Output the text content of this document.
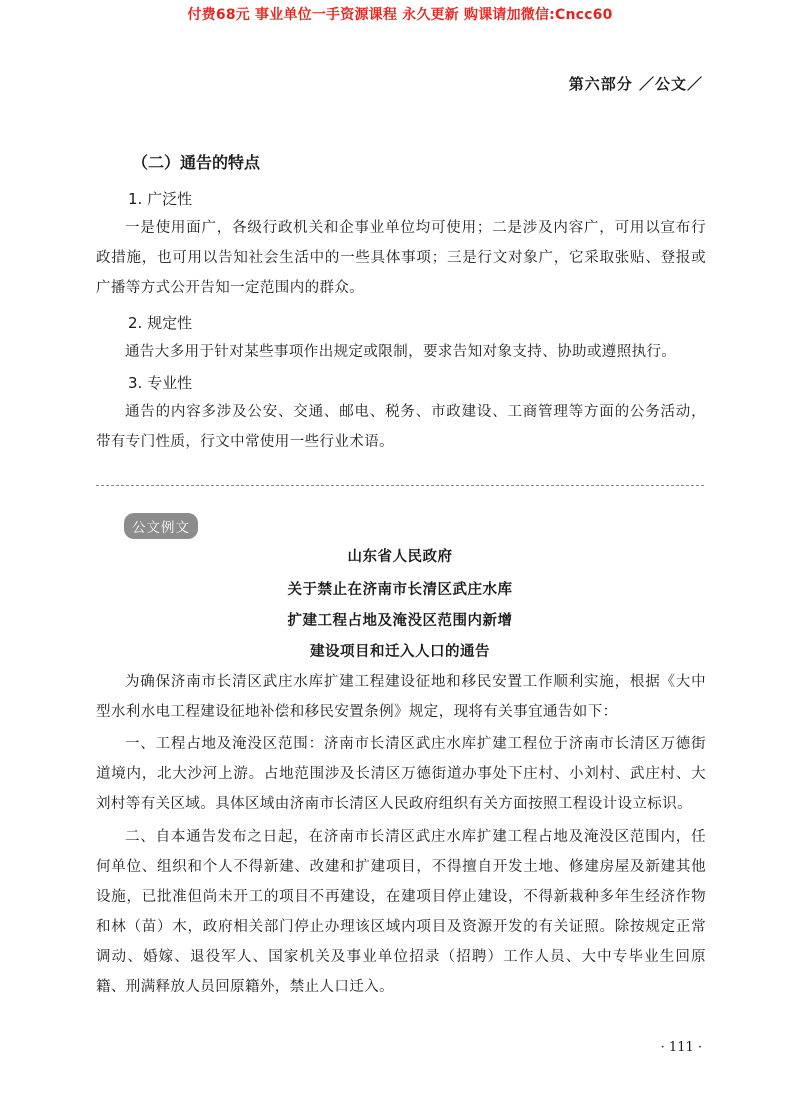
付费68元 事业单位一手资源课程 永久更新 购课请加微信:Cncc60
第六部分 ／公文／
（二）通告的特点
1. 广泛性
一是使用面广，各级行政机关和企事业单位均可使用；二是涉及内容广，可用以宣布行政措施，也可用以告知社会生活中的一些具体事项；三是行文对象广，它采取张贴、登报或广播等方式公开告知一定范围内的群众。
2. 规定性
通告大多用于针对某些事项作出规定或限制，要求告知对象支持、协助或遵照执行。
3. 专业性
通告的内容多涉及公安、交通、邮电、税务、市政建设、工商管理等方面的公务活动，带有专门性质，行文中常使用一些行业术语。
公文例文
山东省人民政府
关于禁止在济南市长清区武庄水库
扩建工程占地及淹没区范围内新增
建设项目和迁入人口的通告
为确保济南市长清区武庄水库扩建工程建设征地和移民安置工作顺利实施，根据《大中型水利水电工程建设征地补偿和移民安置条例》规定，现将有关事宜通告如下：
一、工程占地及淹没区范围：济南市长清区武庄水库扩建工程位于济南市长清区万德街道境内，北大沙河上游。占地范围涉及长清区万德街道办事处下庄村、小刘村、武庄村、大刘村等有关区域。具体区域由济南市长清区人民政府组织有关方面按照工程设计设立标识。
二、自本通告发布之日起，在济南市长清区武庄水库扩建工程占地及淹没区范围内，任何单位、组织和个人不得新建、改建和扩建项目，不得擅自开发土地、修建房屋及新建其他设施，已批准但尚未开工的项目不再建设，在建项目停止建设，不得新栽种多年生经济作物和林（苗）木，政府相关部门停止办理该区域内项目及资源开发的有关证照。除按规定正常调动、婚嫁、退役军人、国家机关及事业单位招录（招聘）工作人员、大中专毕业生回原籍、刑满释放人员回原籍外，禁止人口迁入。
· 111 ·
